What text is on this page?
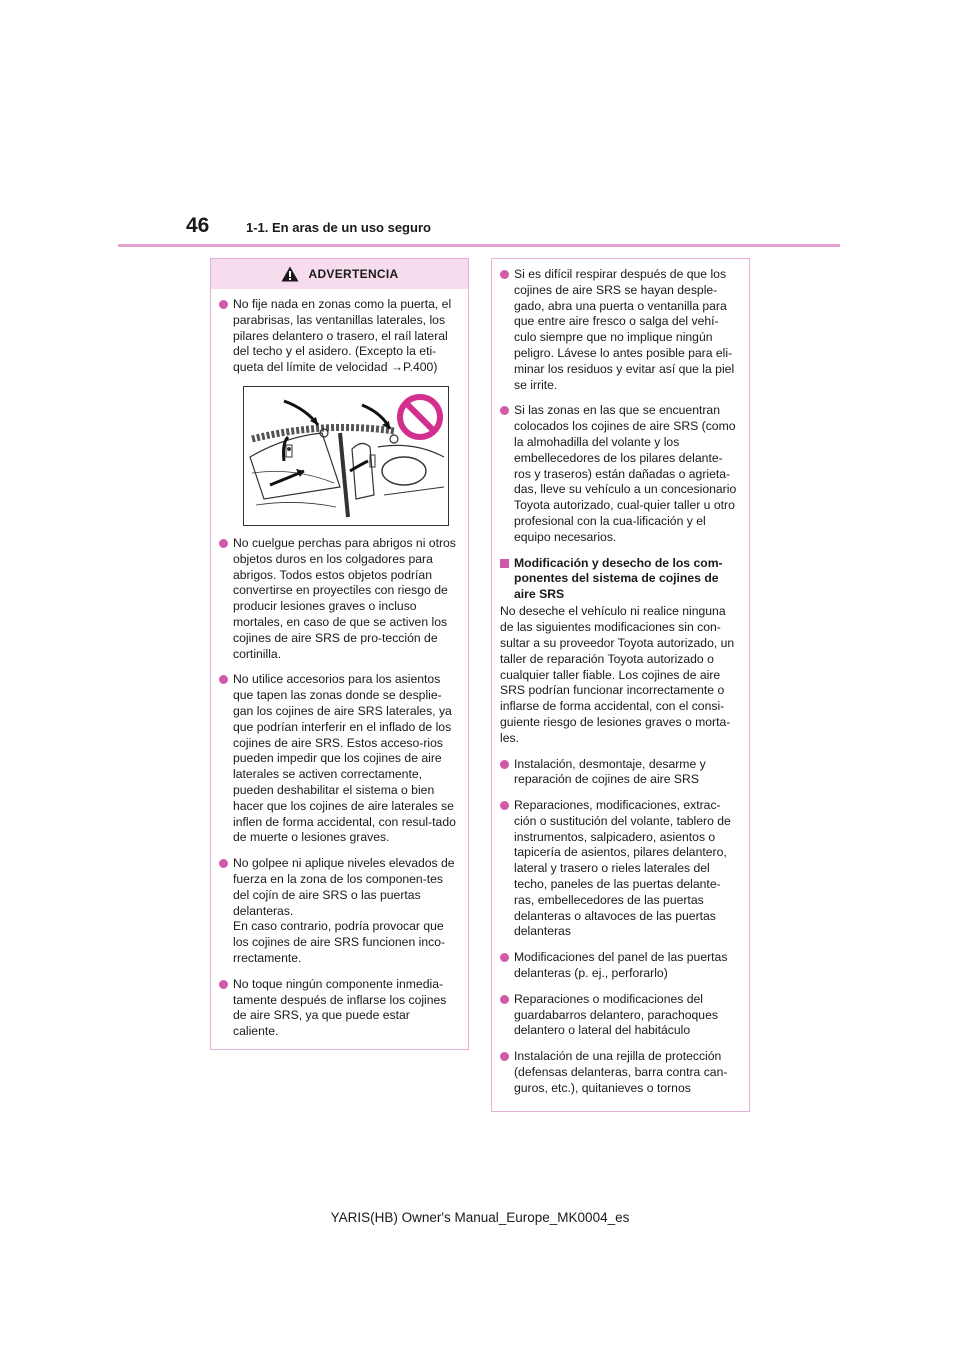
46	1-1. En aras de un uso seguro
ADVERTENCIA

No fije nada en zonas como la puerta, el parabrisas, las ventanillas laterales, los pilares delantero o trasero, el raíl lateral del techo y el asidero. (Excepto la eti-queta del límite de velocidad →P.400)

No cuelgue perchas para abrigos ni otros objetos duros en los colgadores para abrigos. Todos estos objetos podrían convertirse en proyectiles con riesgo de producir lesiones graves o incluso mortales, en caso de que se activen los cojines de aire SRS de pro-tección de cortinilla.

No utilice accesorios para los asientos que tapen las zonas donde se desplie-gan los cojines de aire SRS laterales, ya que podrían interferir en el inflado de los cojines de aire SRS. Estos acceso-rios pueden impedir que los cojines de aire laterales se activen correctamente, pueden deshabilitar el sistema o bien hacer que los cojines de aire laterales se inflen de forma accidental, con resul-tado de muerte o lesiones graves.

No golpee ni aplique niveles elevados de fuerza en la zona de los componen-tes del cojín de aire SRS o las puertas delanteras.

En caso contrario, podría provocar que los cojines de aire SRS funcionen inco-rrectamente.

No toque ningún componente inmedia-tamente después de inflarse los cojines de aire SRS, ya que puede estar caliente.

Si es difícil respirar después de que los cojines de aire SRS se hayan desple-gado, abra una puerta o ventanilla para que entre aire fresco o salga del vehí-culo siempre que no implique ningún peligro. Lávese lo antes posible para eli-minar los residuos y evitar así que la piel se irrite.

Si las zonas en las que se encuentran colocados los cojines de aire SRS (como la almohadilla del volante y los embellecedores de los pilares delante-ros y traseros) están dañadas o agrieta-das, lleve su vehículo a un concesionario Toyota autorizado, cual-quier taller u otro profesional con la cua-lificación y el equipo necesarios.

Modificación y desecho de los com-ponentes del sistema de cojines de aire SRS

No deseche el vehículo ni realice ninguna de las siguientes modificaciones sin con-sultar a su proveedor Toyota autorizado, un taller de reparación Toyota autorizado o cualquier taller fiable. Los cojines de aire SRS podrían funcionar incorrectamente o inflarse de forma accidental, con el consi-guiente riesgo de lesiones graves o morta-les.

Instalación, desmontaje, desarme y reparación de cojines de aire SRS

Reparaciones, modificaciones, extrac-ción o sustitución del volante, tablero de instrumentos, salpicadero, asientos o tapicería de asientos, pilares delantero, lateral y trasero o rieles laterales del techo, paneles de las puertas delante-ras, embellecedores de las puertas delanteras o altavoces de las puertas delanteras

Modificaciones del panel de las puertas delanteras (p. ej., perforarlo)

Reparaciones o modificaciones del guardabarros delantero, parachoques delantero o lateral del habitáculo

Instalación de una rejilla de protección (defensas delanteras, barra contra can-guros, etc.), quitanieves o tornos

YARIS(HB) Owner's Manual_Europe_MK0004_es
